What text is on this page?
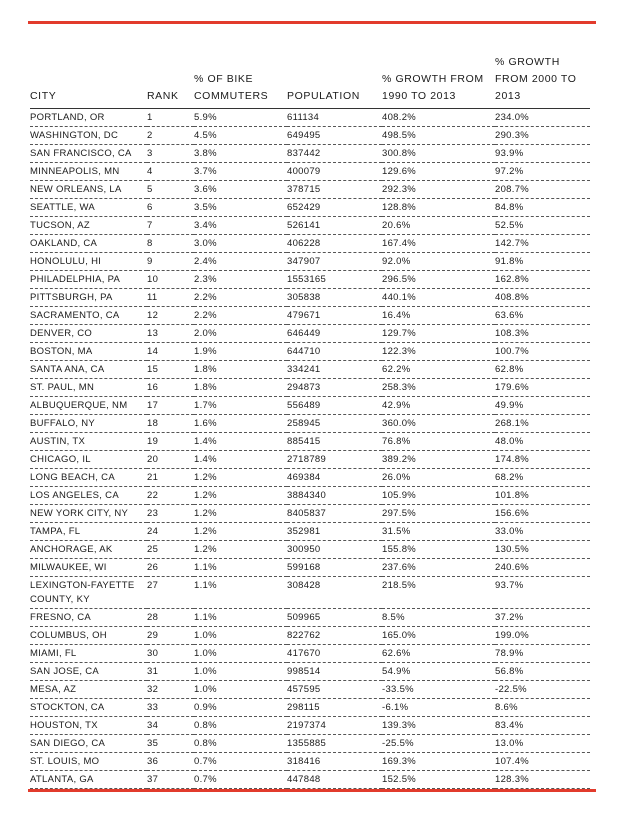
CITY	RANK	% OF BIKE COMMUTERS	POPULATION	% GROWTH FROM 1990 TO 2013	% GROWTH FROM 2000 TO 2013
PORTLAND, OR	1	5.9%	611134	408.2%	234.0%
WASHINGTON, DC	2	4.5%	649495	498.5%	290.3%
SAN FRANCISCO, CA	3	3.8%	837442	300.8%	93.9%
MINNEAPOLIS, MN	4	3.7%	400079	129.6%	97.2%
NEW ORLEANS, LA	5	3.6%	378715	292.3%	208.7%
SEATTLE, WA	6	3.5%	652429	128.8%	84.8%
TUCSON, AZ	7	3.4%	526141	20.6%	52.5%
OAKLAND, CA	8	3.0%	406228	167.4%	142.7%
HONOLULU, HI	9	2.4%	347907	92.0%	91.8%
PHILADELPHIA, PA	10	2.3%	1553165	296.5%	162.8%
PITTSBURGH, PA	11	2.2%	305838	440.1%	408.8%
SACRAMENTO, CA	12	2.2%	479671	16.4%	63.6%
DENVER, CO	13	2.0%	646449	129.7%	108.3%
BOSTON, MA	14	1.9%	644710	122.3%	100.7%
SANTA ANA, CA	15	1.8%	334241	62.2%	62.8%
ST. PAUL, MN	16	1.8%	294873	258.3%	179.6%
ALBUQUERQUE, NM	17	1.7%	556489	42.9%	49.9%
BUFFALO, NY	18	1.6%	258945	360.0%	268.1%
AUSTIN, TX	19	1.4%	885415	76.8%	48.0%
CHICAGO, IL	20	1.4%	2718789	389.2%	174.8%
LONG BEACH, CA	21	1.2%	469384	26.0%	68.2%
LOS ANGELES, CA	22	1.2%	3884340	105.9%	101.8%
NEW YORK CITY, NY	23	1.2%	8405837	297.5%	156.6%
TAMPA, FL	24	1.2%	352981	31.5%	33.0%
ANCHORAGE, AK	25	1.2%	300950	155.8%	130.5%
MILWAUKEE, WI	26	1.1%	599168	237.6%	240.6%
LEXINGTON-FAYETTE COUNTY, KY	27	1.1%	308428	218.5%	93.7%
FRESNO, CA	28	1.1%	509965	8.5%	37.2%
COLUMBUS, OH	29	1.0%	822762	165.0%	199.0%
MIAMI, FL	30	1.0%	417670	62.6%	78.9%
SAN JOSE, CA	31	1.0%	998514	54.9%	56.8%
MESA, AZ	32	1.0%	457595	-33.5%	-22.5%
STOCKTON, CA	33	0.9%	298115	-6.1%	8.6%
HOUSTON, TX	34	0.8%	2197374	139.3%	83.4%
SAN DIEGO, CA	35	0.8%	1355885	-25.5%	13.0%
ST. LOUIS, MO	36	0.7%	318416	169.3%	107.4%
ATLANTA, GA	37	0.7%	447848	152.5%	128.3%
